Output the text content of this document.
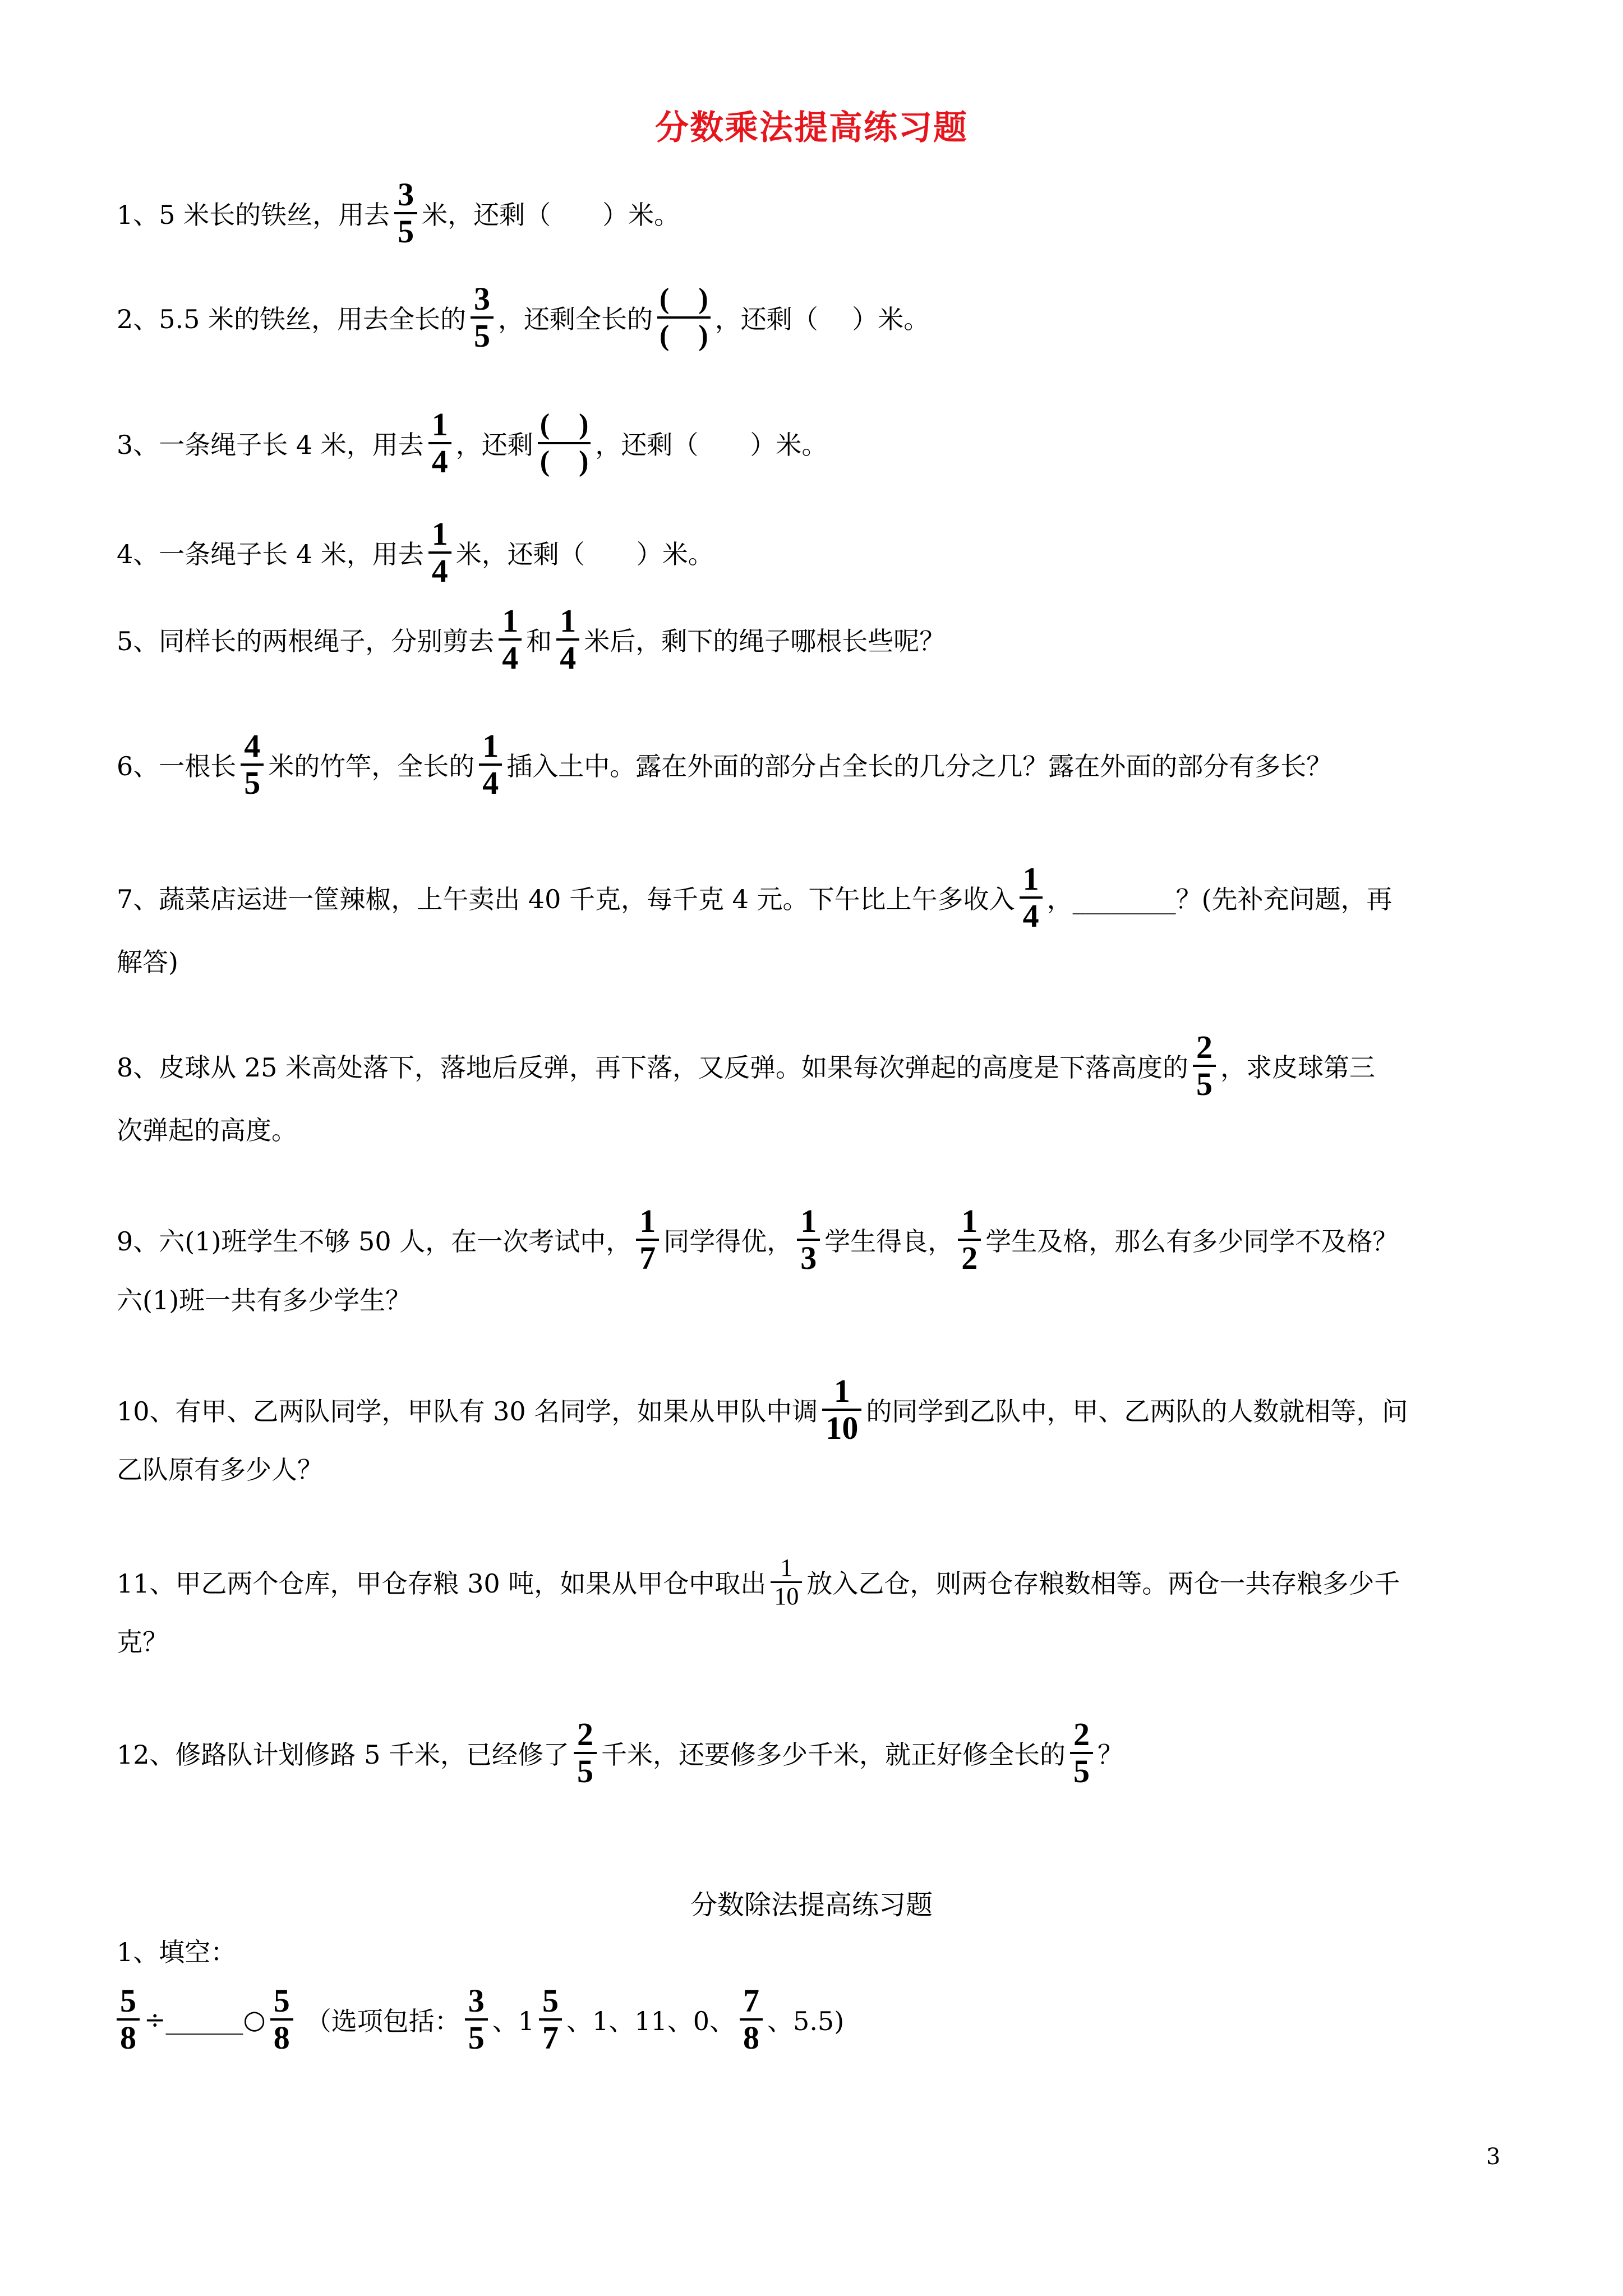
分数乘法提高练习题
1、5 米长的铁丝，用去 $\frac{3}{5}$ 米，还剩（　　）米。
2、5.5 米的铁丝，用去全长的 $\frac{3}{5}$ ，还剩全长的 $\frac{( )}{( )}$ ，还剩（　 ）米。
3、一条绳子长 4 米，用去 $\frac{1}{4}$ ，还剩 $\frac{( )}{( )}$ ，还剩（　　）米。
4、一条绳子长 4 米，用去 $\frac{1}{4}$ 米，还剩（　　）米。
5、同样长的两根绳子，分别剪去 $\frac{1}{4}$ 和 $\frac{1}{4}$ 米后，剩下的绳子哪根长些呢？
6、一根长 $\frac{4}{5}$ 米的竹竿，全长的 $\frac{1}{4}$ 插入土中。露在外面的部分占全长的几分之几？露在外面的部分有多长？
7、蔬菜店运进一筐辣椒，上午卖出 40 千克，每千克 4 元。下午比上午多收入 $\frac{1}{4}$ ，________？(先补充问题，再
解答)
8、皮球从 25 米高处落下，落地后反弹，再下落，又反弹。如果每次弹起的高度是下落高度的 $\frac{2}{5}$ ，求皮球第三
次弹起的高度。
9、六(1)班学生不够 50 人，在一次考试中， $\frac{1}{7}$ 同学得优， $\frac{1}{3}$ 学生得良， $\frac{1}{2}$ 学生及格，那么有多少同学不及格？
六(1)班一共有多少学生？
10、有甲、乙两队同学，甲队有 30 名同学，如果从甲队中调 $\frac{1}{10}$ 的同学到乙队中，甲、乙两队的人数就相等，问
乙队原有多少人？
11、甲乙两个仓库，甲仓存粮 30 吨，如果从甲仓中取出 $\frac{1}{10}$ 放入乙仓，则两仓存粮数相等。两仓一共存粮多少千
克？
12、修路队计划修路 5 千米，已经修了 $\frac{2}{5}$ 千米，还要修多少千米，就正好修全长的 $\frac{2}{5}$ ？
分数除法提高练习题
1、填空：
$\frac{5}{8}$ ÷______○ $\frac{5}{8}$ （选项包括： $\frac{3}{5}$ 、$1 \frac{5}{7}$ 、1、11、0、 $\frac{7}{8}$ 、5.5)
3
